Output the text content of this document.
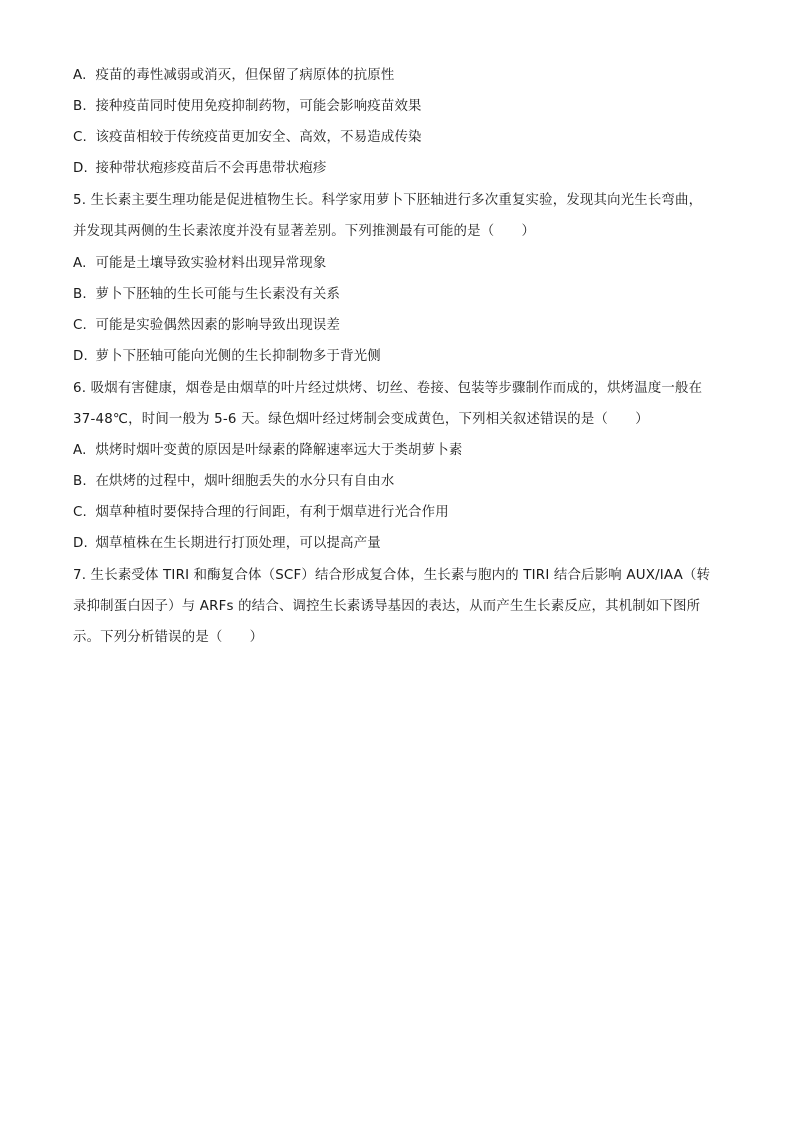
A. 疫苗的毒性减弱或消灭，但保留了病原体的抗原性
B. 接种疫苗同时使用免疫抑制药物，可能会影响疫苗效果
C. 该疫苗相较于传统疫苗更加安全、高效，不易造成传染
D. 接种带状疱疹疫苗后不会再患带状疱疹
5. 生长素主要生理功能是促进植物生长。科学家用萝卜下胚轴进行多次重复实验，发现其向光生长弯曲，
并发现其两侧的生长素浓度并没有显著差别。下列推测最有可能的是（　　）
A. 可能是土壤导致实验材料出现异常现象
B. 萝卜下胚轴的生长可能与生长素没有关系
C. 可能是实验偶然因素的影响导致出现误差
D. 萝卜下胚轴可能向光侧的生长抑制物多于背光侧
6. 吸烟有害健康，烟卷是由烟草的叶片经过烘烤、切丝、卷接、包装等步骤制作而成的，烘烤温度一般在
37-48℃，时间一般为 5-6 天。绿色烟叶经过烤制会变成黄色，下列相关叙述错误的是（　　）
A. 烘烤时烟叶变黄的原因是叶绿素的降解速率远大于类胡萝卜素
B. 在烘烤的过程中，烟叶细胞丢失的水分只有自由水
C. 烟草种植时要保持合理的行间距，有利于烟草进行光合作用
D. 烟草植株在生长期进行打顶处理，可以提高产量
7. 生长素受体 TIRI 和酶复合体（SCF）结合形成复合体，生长素与胞内的 TIRI 结合后影响 AUX/IAA（转
录抑制蛋白因子）与 ARFs 的结合、调控生长素诱导基因的表达，从而产生生长素反应，其机制如下图所
示。下列分析错误的是（　　）
